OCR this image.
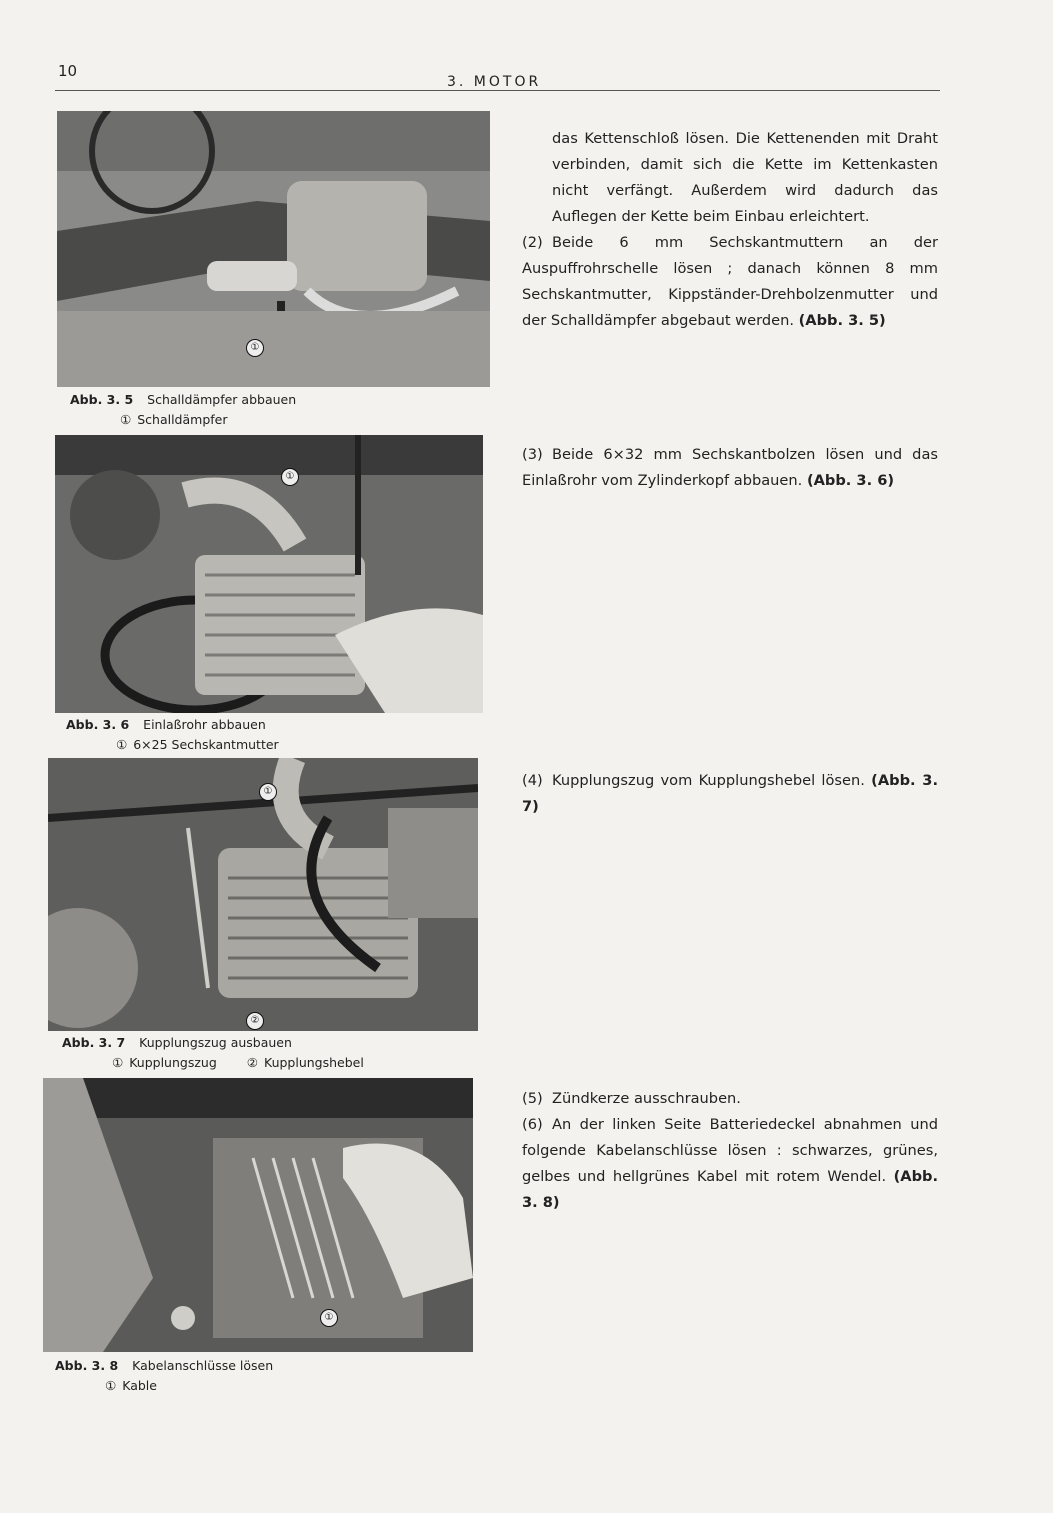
10
3. MOTOR
①
Abb. 3. 5 Schalldämpfer abbauen
① Schalldämpfer
①
Abb. 3. 6 Einlaßrohr abbauen
① 6×25 Sechskantmutter
①
②
Abb. 3. 7 Kupplungszug ausbauen
① Kupplungszug ② Kupplungshebel
①
Abb. 3. 8 Kabelanschlüsse lösen
① Kable
das Kettenschloß lösen. Die Kettenenden mit Draht verbinden, damit sich die Kette im Kettenkasten nicht verfängt. Außerdem wird dadurch das Auflegen der Kette beim Einbau erleichtert.
(2) Beide 6 mm Sechskantmuttern an der Auspuffrohrschelle lösen ; danach können 8 mm Sechskantmutter, Kippständer-Drehbolzenmutter und der Schalldämpfer abgebaut werden. (Abb. 3. 5)
(3) Beide 6×32 mm Sechskantbolzen lösen und das Einlaßrohr vom Zylinderkopf abbauen. (Abb. 3. 6)
(4) Kupplungszug vom Kupplungshebel lösen. (Abb. 3. 7)
(5) Zündkerze ausschrauben.
(6) An der linken Seite Batteriedeckel abnahmen und folgende Kabelanschlüsse lösen : schwarzes, grünes, gelbes und hellgrünes Kabel mit rotem Wendel. (Abb. 3. 8)
